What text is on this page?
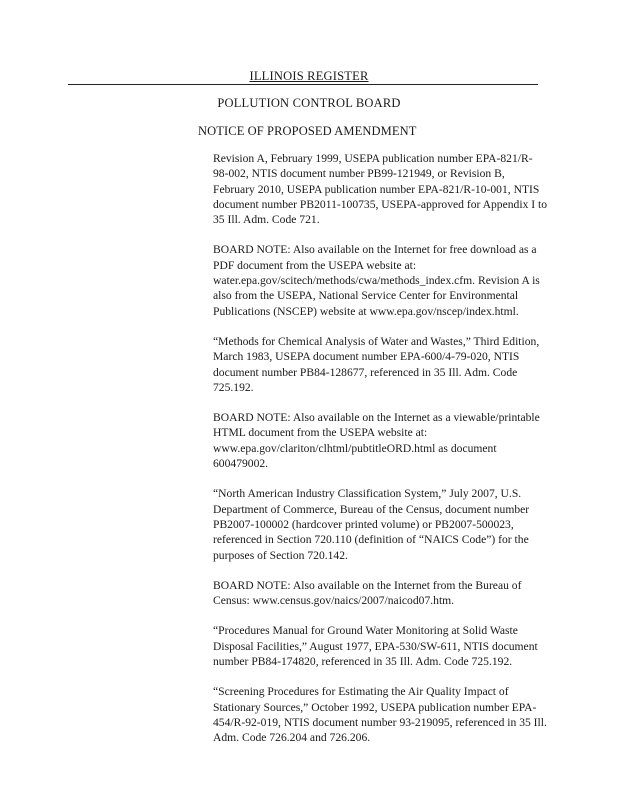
ILLINOIS REGISTER
POLLUTION CONTROL BOARD
NOTICE OF PROPOSED AMENDMENT

Revision A, February 1999, USEPA publication number EPA-821/R-98-002, NTIS document number PB99-121949, or Revision B, February 2010, USEPA publication number EPA-821/R-10-001, NTIS document number PB2011-100735, USEPA-approved for Appendix I to 35 Ill. Adm. Code 721.

BOARD NOTE: Also available on the Internet for free download as a PDF document from the USEPA website at: water.epa.gov/scitech/methods/cwa/methods_index.cfm. Revision A is also from the USEPA, National Service Center for Environmental Publications (NSCEP) website at www.epa.gov/nscep/index.html.

“Methods for Chemical Analysis of Water and Wastes,” Third Edition, March 1983, USEPA document number EPA-600/4-79-020, NTIS document number PB84-128677, referenced in 35 Ill. Adm. Code 725.192.

BOARD NOTE: Also available on the Internet as a viewable/printable HTML document from the USEPA website at: www.epa.gov/clariton/clhtml/pubtitleORD.html as document 600479002.

“North American Industry Classification System,” July 2007, U.S. Department of Commerce, Bureau of the Census, document number PB2007-100002 (hardcover printed volume) or PB2007-500023, referenced in Section 720.110 (definition of “NAICS Code”) for the purposes of Section 720.142.

BOARD NOTE: Also available on the Internet from the Bureau of Census: www.census.gov/naics/2007/naicod07.htm.

“Procedures Manual for Ground Water Monitoring at Solid Waste Disposal Facilities,” August 1977, EPA-530/SW-611, NTIS document number PB84-174820, referenced in 35 Ill. Adm. Code 725.192.

“Screening Procedures for Estimating the Air Quality Impact of Stationary Sources,” October 1992, USEPA publication number EPA-454/R-92-019, NTIS document number 93-219095, referenced in 35 Ill. Adm. Code 726.204 and 726.206.
